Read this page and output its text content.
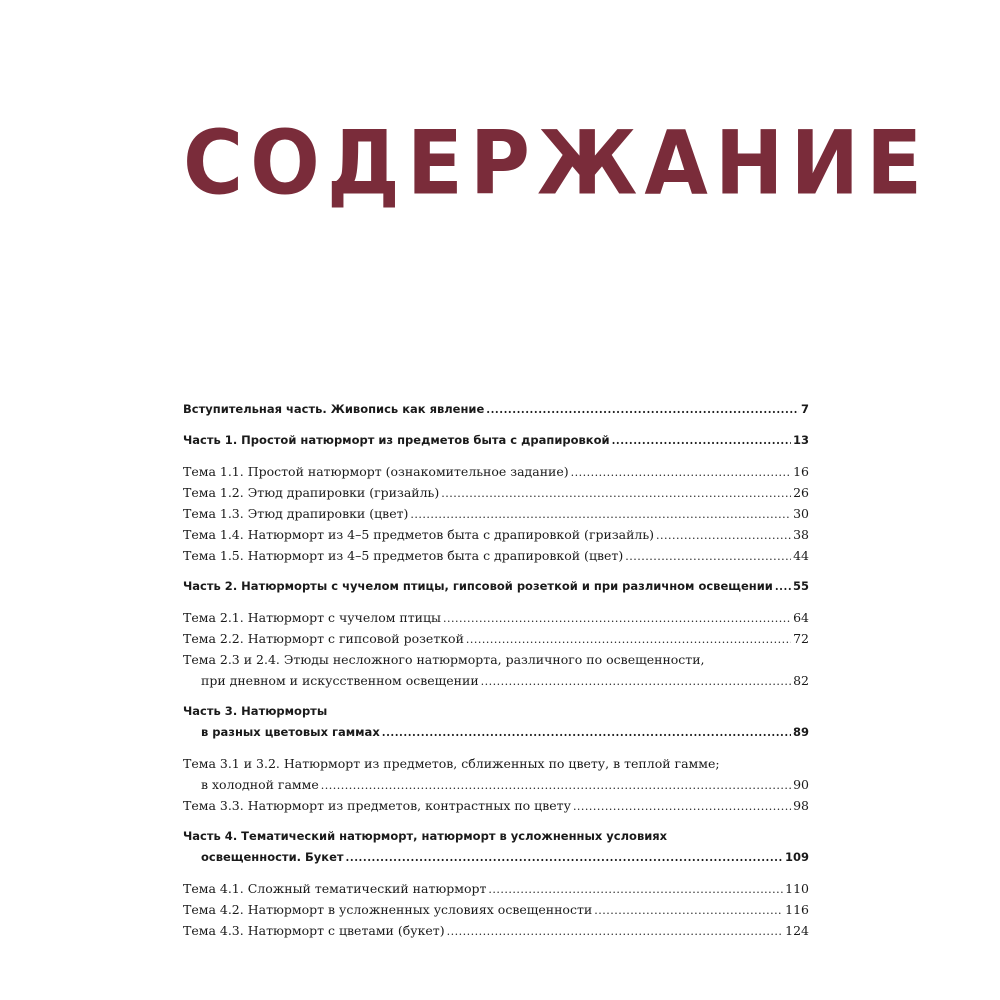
СОДЕРЖАНИЕ
Вступительная часть. Живопись как явление .....	7
Часть 1. Простой натюрморт из предметов быта с драпировкой .....	13
Тема 1.1. Простой натюрморт (ознакомительное задание) .....	16
Тема 1.2. Этюд драпировки (гризайль) .....	26
Тема 1.3. Этюд драпировки (цвет) .....	30
Тема 1.4. Натюрморт из 4–5 предметов быта с драпировкой (гризайль) .....	38
Тема 1.5. Натюрморт из 4–5 предметов быта с драпировкой (цвет) .....	44
Часть 2. Натюрморты с чучелом птицы, гипсовой розеткой и при различном освещении ..... 55
Тема 2.1. Натюрморт с чучелом птицы .....	64
Тема 2.2. Натюрморт с гипсовой розеткой .....	72
Тема 2.3 и 2.4. Этюды несложного натюрморта, различного по освещенности,
при дневном и искусственном освещении .....	82
Часть 3. Натюрморты
в разных цветовых гаммах .....	89
Тема 3.1 и 3.2. Натюрморт из предметов, сближенных по цвету, в теплой гамме;
в холодной гамме .....	90
Тема 3.3. Натюрморт из предметов, контрастных по цвету .....	98
Часть 4. Тематический натюрморт, натюрморт в усложненных условиях
освещенности. Букет .....	109
Тема 4.1. Сложный тематический натюрморт .....	110
Тема 4.2. Натюрморт в усложненных условиях освещенности .....	116
Тема 4.3. Натюрморт с цветами (букет) .....	124
